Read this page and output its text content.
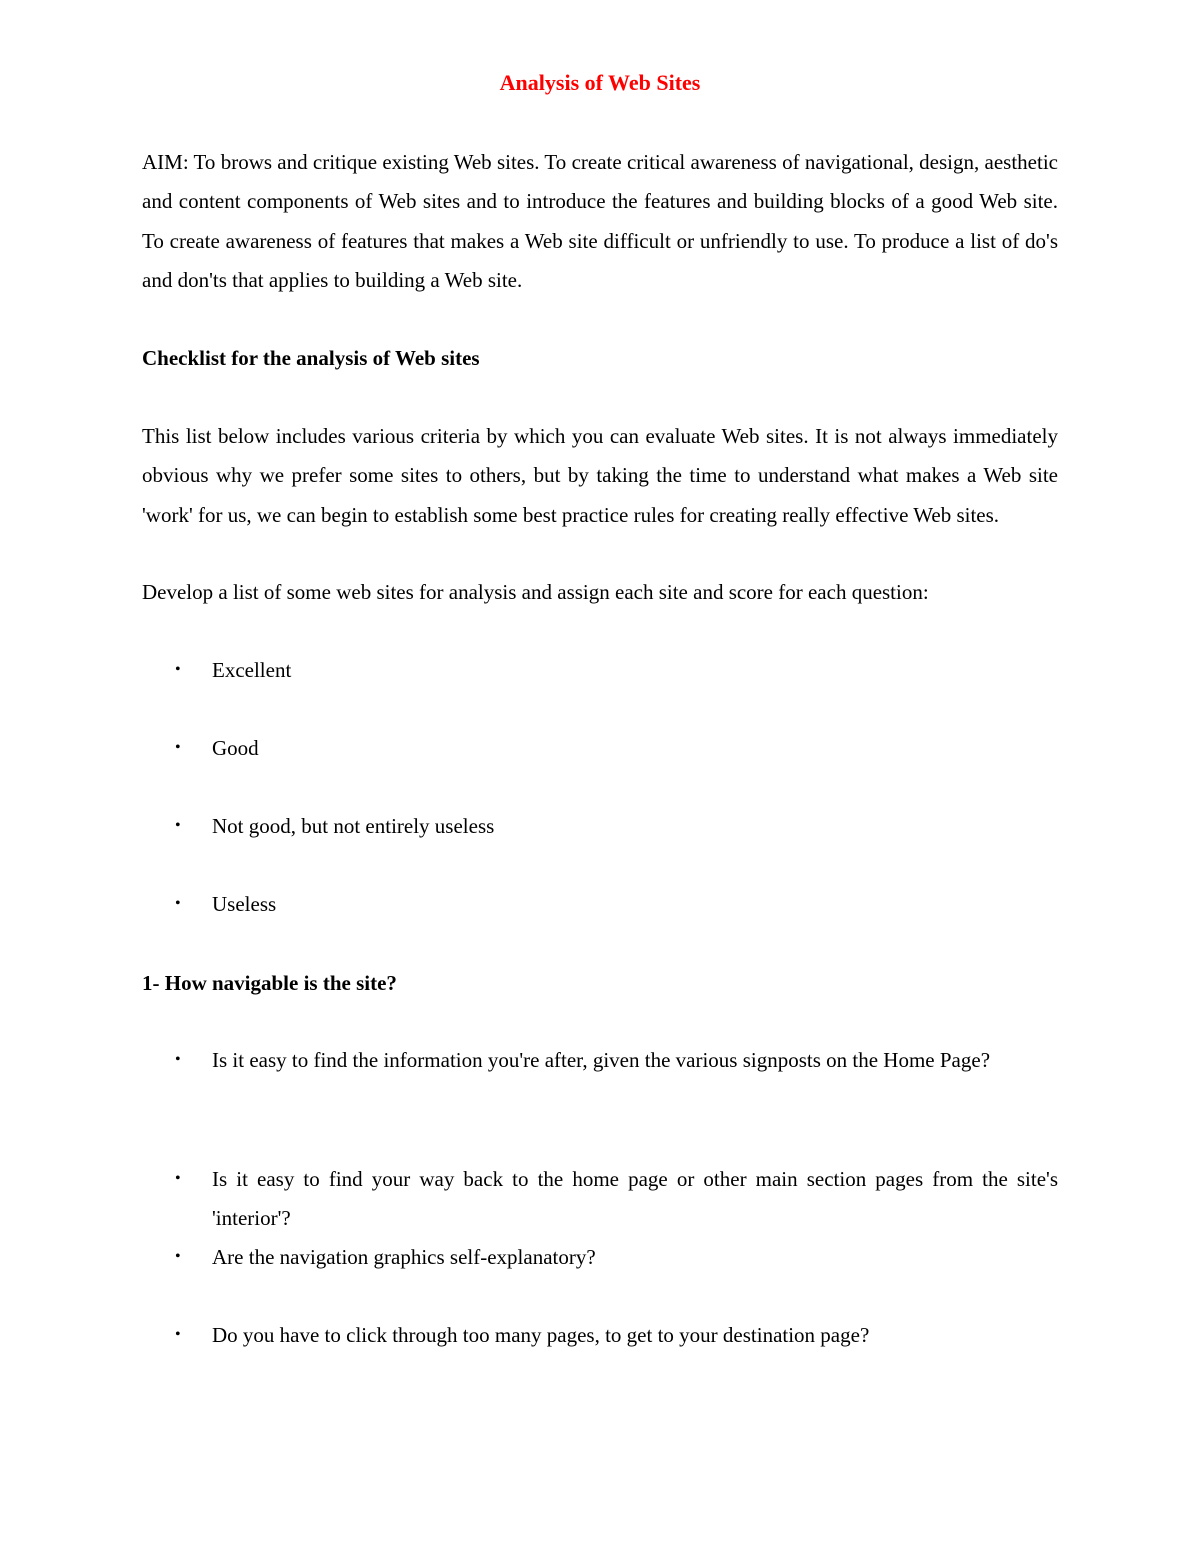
Analysis of Web Sites

AIM: To brows and critique existing Web sites. To create critical awareness of navigational, design, aesthetic and content components of Web sites and to introduce the features and building blocks of a good Web site. To create awareness of features that makes a Web site difficult or unfriendly to use. To produce a list of do's and don'ts that applies to building a Web site.

Checklist for the analysis of Web sites

This list below includes various criteria by which you can evaluate Web sites. It is not always immediately obvious why we prefer some sites to others, but by taking the time to understand what makes a Web site 'work' for us, we can begin to establish some best practice rules for creating really effective Web sites.

Develop a list of some web sites for analysis and assign each site and score for each question:

• Excellent

• Good

• Not good, but not entirely useless

• Useless

1- How navigable is the site?
• Is it easy to find the information you're after, given the various signposts on the Home Page?

• Is it easy to find your way back to the home page or other main section pages from the site's 'interior'?

• Are the navigation graphics self-explanatory?

• Do you have to click through too many pages, to get to your destination page?
